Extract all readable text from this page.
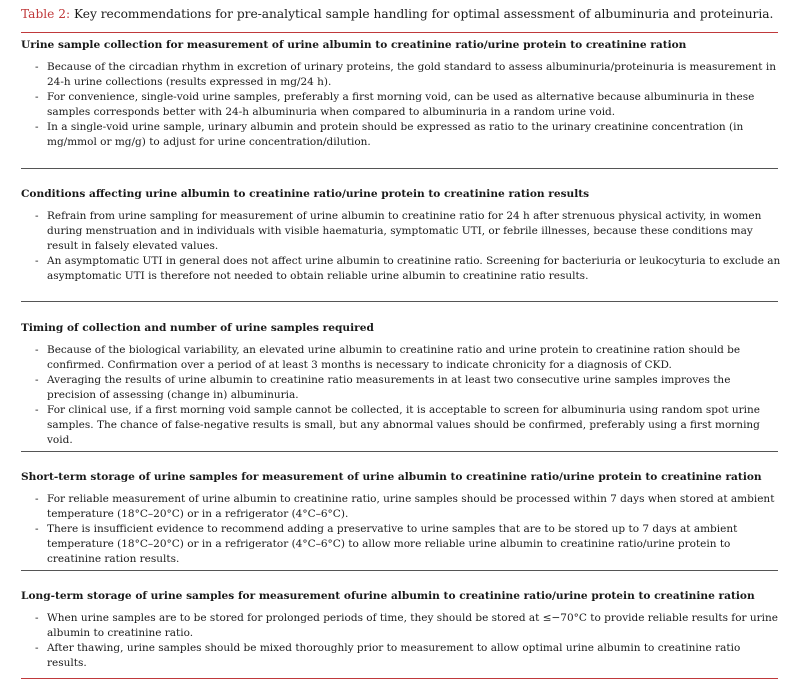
Table 2: Key recommendations for pre-analytical sample handling for optimal assessment of albuminuria and proteinuria.
Urine sample collection for measurement of urine albumin to creatinine ratio/urine protein to creatinine ration
- Because of the circadian rhythm in excretion of urinary proteins, the gold standard to assess albuminuria/proteinuria is measurement in 24-h urine collections (results expressed in mg/24 h).
- For convenience, single-void urine samples, preferably a first morning void, can be used as alternative because albuminuria in these samples corresponds better with 24-h albuminuria when compared to albuminuria in a random urine void.
- In a single-void urine sample, urinary albumin and protein should be expressed as ratio to the urinary creatinine concentration (in mg/mmol or mg/g) to adjust for urine concentration/dilution.
Conditions affecting urine albumin to creatinine ratio/urine protein to creatinine ration results
- Refrain from urine sampling for measurement of urine albumin to creatinine ratio for 24 h after strenuous physical activity, in women during menstruation and in individuals with visible haematuria, symptomatic UTI, or febrile illnesses, because these conditions may result in falsely elevated values.
- An asymptomatic UTI in general does not affect urine albumin to creatinine ratio. Screening for bacteriuria or leukocyturia to exclude an asymptomatic UTI is therefore not needed to obtain reliable urine albumin to creatinine ratio results.
Timing of collection and number of urine samples required
- Because of the biological variability, an elevated urine albumin to creatinine ratio and urine protein to creatinine ration should be confirmed. Confirmation over a period of at least 3 months is necessary to indicate chronicity for a diagnosis of CKD.
- Averaging the results of urine albumin to creatinine ratio measurements in at least two consecutive urine samples improves the precision of assessing (change in) albuminuria.
- For clinical use, if a first morning void sample cannot be collected, it is acceptable to screen for albuminuria using random spot urine samples. The chance of false-negative results is small, but any abnormal values should be confirmed, preferably using a first morning void.
Short-term storage of urine samples for measurement of urine albumin to creatinine ratio/urine protein to creatinine ration
- For reliable measurement of urine albumin to creatinine ratio, urine samples should be processed within 7 days when stored at ambient temperature (18°C–20°C) or in a refrigerator (4°C–6°C).
- There is insufficient evidence to recommend adding a preservative to urine samples that are to be stored up to 7 days at ambient temperature (18°C–20°C) or in a refrigerator (4°C–6°C) to allow more reliable urine albumin to creatinine ratio/urine protein to creatinine ration results.
Long-term storage of urine samples for measurement ofurine albumin to creatinine ratio/urine protein to creatinine ration
- When urine samples are to be stored for prolonged periods of time, they should be stored at ≤−70°C to provide reliable results for urine albumin to creatinine ratio.
- After thawing, urine samples should be mixed thoroughly prior to measurement to allow optimal urine albumin to creatinine ratio results.
